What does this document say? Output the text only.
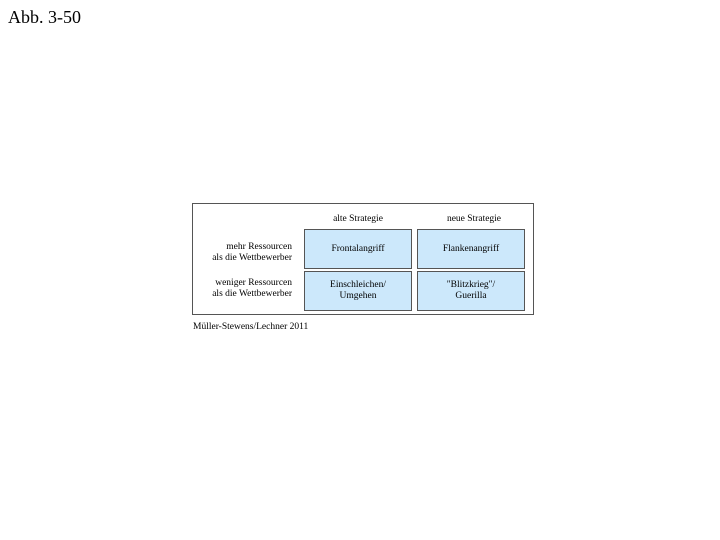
Abb. 3-50
alte Strategie	neue Strategie
mehr Ressourcen
als die Wettbewerber
weniger Ressourcen
als die Wettbewerber
Frontalangriff	Flankenangriff
Einschleichen/
Umgehen
"Blitzkrieg"/
Guerilla
Müller-Stewens/Lechner 2011
